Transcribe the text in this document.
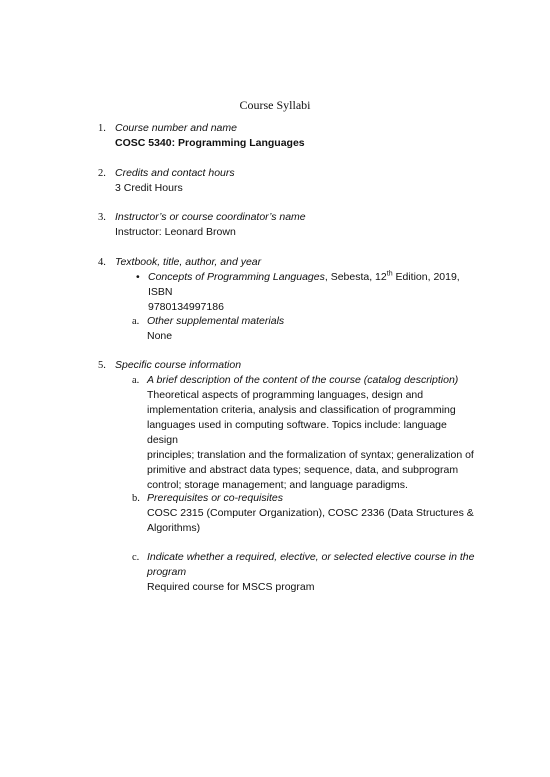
Course Syllabi
1. Course number and name
COSC 5340: Programming Languages
2. Credits and contact hours
3 Credit Hours
3. Instructor’s or course coordinator’s name
Instructor: Leonard Brown
4. Textbook, title, author, and year
• Concepts of Programming Languages, Sebesta, 12th Edition, 2019, ISBN
9780134997186
a. Other supplemental materials
None
5. Specific course information
a. A brief description of the content of the course (catalog description)
Theoretical aspects of programming languages, design and
implementation criteria, analysis and classification of programming
languages used in computing software. Topics include: language design
principles; translation and the formalization of syntax; generalization of
primitive and abstract data types; sequence, data, and subprogram
control; storage management; and language paradigms.
b. Prerequisites or co-requisites
COSC 2315 (Computer Organization), COSC 2336 (Data Structures &
Algorithms)
c. Indicate whether a required, elective, or selected elective course in the
program
Required course for MSCS program
